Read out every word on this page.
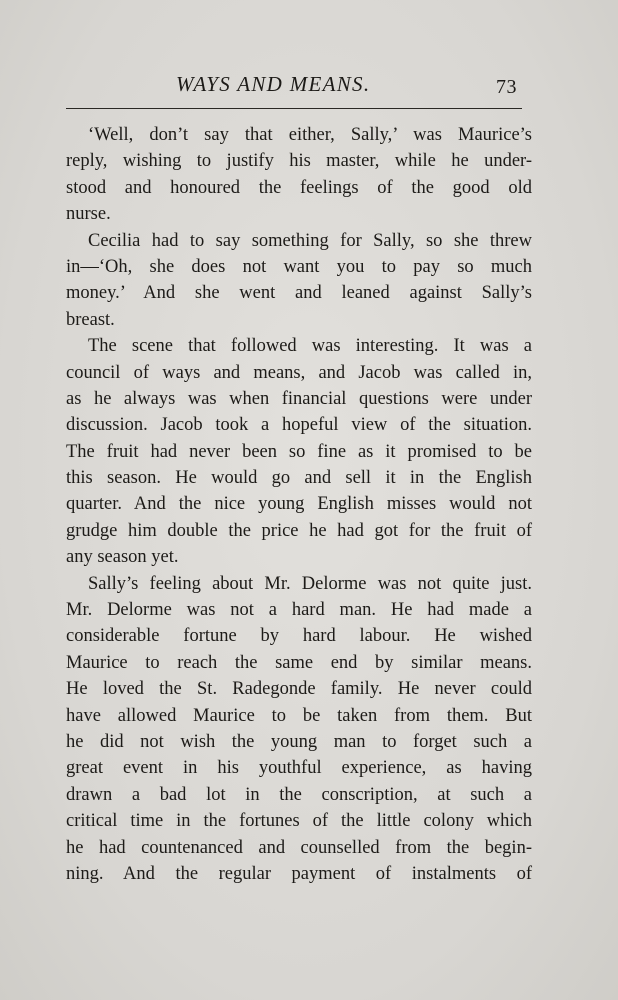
WAYS AND MEANS.	73
‘Well, don’t say that either, Sally,’ was Maurice’s
reply, wishing to justify his master, while he under-
stood and honoured the feelings of the good old
nurse.
Cecilia had to say something for Sally, so she threw
in—‘Oh, she does not want you to pay so much
money.’ And she went and leaned against Sally’s
breast.
The scene that followed was interesting. It was a
council of ways and means, and Jacob was called in,
as he always was when financial questions were under
discussion. Jacob took a hopeful view of the situation.
The fruit had never been so fine as it promised to be
this season. He would go and sell it in the English
quarter. And the nice young English misses would not
grudge him double the price he had got for the fruit of
any season yet.
Sally’s feeling about Mr. Delorme was not quite just.
Mr. Delorme was not a hard man. He had made a
considerable fortune by hard labour. He wished
Maurice to reach the same end by similar means.
He loved the St. Radegonde family. He never could
have allowed Maurice to be taken from them. But
he did not wish the young man to forget such a
great event in his youthful experience, as having
drawn a bad lot in the conscription, at such a
critical time in the fortunes of the little colony which
he had countenanced and counselled from the begin-
ning. And the regular payment of instalments of
